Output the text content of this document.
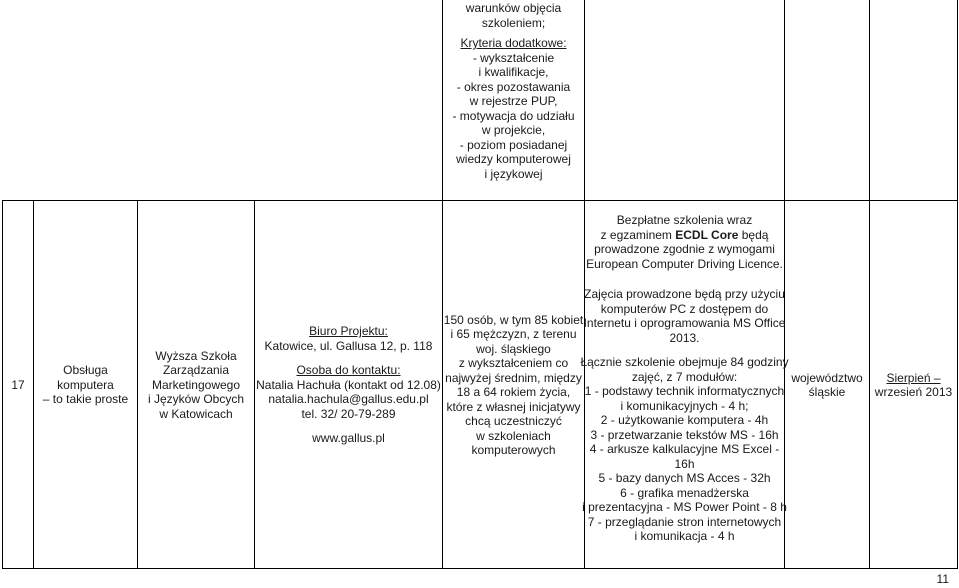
warunków objęcia
szkoleniem;
Kryteria dodatkowe:
- wykształcenie
i kwalifikacje,
- okres pozostawania
w rejestrze PUP,
- motywacja do udziału
w projekcie,
- poziom posiadanej
wiedzy komputerowej
i językowej
Bezpłatne szkolenia wraz
z egzaminem ECDL Core będą
prowadzone zgodnie z wymogami
European Computer Driving Licence.
17
Obsługa
komputera
– to takie proste
Wyższa Szkoła
Zarządzania
Marketingowego
i Języków Obcych
w Katowicach
Biuro Projektu:
Katowice, ul. Gallusa 12, p. 118
Osoba do kontaktu:
Natalia Hachuła (kontakt od 12.08)
natalia.hachula@gallus.edu.pl
tel. 32/ 20-79-289
www.gallus.pl
150 osób, w tym 85 kobiet
i 65 mężczyzn, z terenu
woj. śląskiego
z wykształceniem co
najwyżej średnim, między
18 a 64 rokiem życia,
które z własnej inicjatywy
chcą uczestniczyć
w szkoleniach
komputerowych
Zajęcia prowadzone będą przy użyciu
komputerów PC z dostępem do
Internetu i oprogramowania MS Office
2013.
Łącznie szkolenie obejmuje 84 godziny
zajęć, z 7 modułów:
1 - podstawy technik informatycznych
i komunikacyjnych - 4 h;
2 - użytkowanie komputera - 4h
3 - przetwarzanie tekstów MS - 16h
4 - arkusze kalkulacyjne MS Excel -
16h
5 - bazy danych MS Acces - 32h
6 - grafika menadżerska
i prezentacyjna - MS Power Point - 8 h
7 - przeglądanie stron internetowych
i komunikacja - 4 h
województwo
śląskie
Sierpień –
wrzesień 2013
11
